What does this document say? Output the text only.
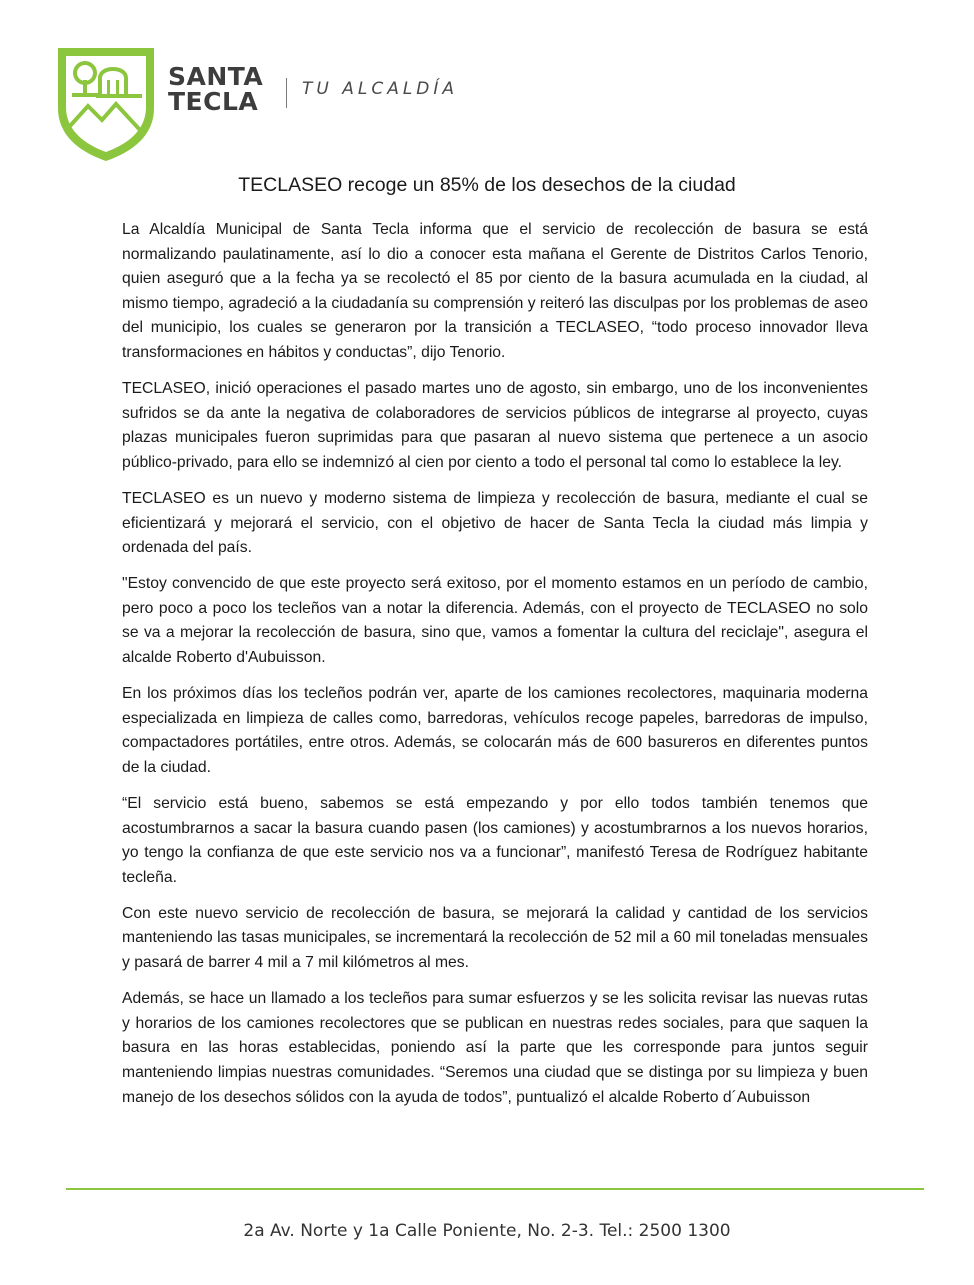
SANTA
TECLA	TU ALCALDÍA
TECLASEO recoge un 85% de los desechos de la ciudad

La Alcaldía Municipal de Santa Tecla informa que el servicio de recolección de basura se está normalizando paulatinamente, así lo dio a conocer esta mañana el Gerente de Distritos Carlos Tenorio, quien aseguró que a la fecha ya se recolectó el 85 por ciento de la basura acumulada en la ciudad, al mismo tiempo, agradeció a la ciudadanía su comprensión y reiteró las disculpas por los problemas de aseo del municipio, los cuales se generaron por la transición a TECLASEO, “todo proceso innovador lleva transformaciones en hábitos y conductas”, dijo Tenorio.

TECLASEO, inició operaciones el pasado martes uno de agosto, sin embargo, uno de los inconvenientes sufridos se da ante la negativa de colaboradores de servicios públicos de integrarse al proyecto, cuyas plazas municipales fueron suprimidas para que pasaran al nuevo sistema que pertenece a un asocio público-privado, para ello se indemnizó al cien por ciento a todo el personal tal como lo establece la ley.

TECLASEO es un nuevo y moderno sistema de limpieza y recolección de basura, mediante el cual se eficientizará y mejorará el servicio, con el objetivo de hacer de Santa Tecla la ciudad más limpia y ordenada del país.

"Estoy convencido de que este proyecto será exitoso, por el momento estamos en un período de cambio, pero poco a poco los tecleños van a notar la diferencia. Además, con el proyecto de TECLASEO no solo se va a mejorar la recolección de basura, sino que, vamos a fomentar la cultura del reciclaje", asegura el alcalde Roberto d'Aubuisson.

En los próximos días los tecleños podrán ver, aparte de los camiones recolectores, maquinaria moderna especializada en limpieza de calles como, barredoras, vehículos recoge papeles, barredoras de impulso, compactadores portátiles, entre otros. Además, se colocarán más de 600 basureros en diferentes puntos de la ciudad.

“El servicio está bueno, sabemos se está empezando y por ello todos también tenemos que acostumbrarnos a sacar la basura cuando pasen (los camiones) y acostumbrarnos a los nuevos horarios, yo tengo la confianza de que este servicio nos va a funcionar”, manifestó Teresa de Rodríguez habitante tecleña.

Con este nuevo servicio de recolección de basura, se mejorará la calidad y cantidad de los servicios manteniendo las tasas municipales, se incrementará la recolección de 52 mil a 60 mil toneladas mensuales y pasará de barrer 4 mil a 7 mil kilómetros al mes.

Además, se hace un llamado a los tecleños para sumar esfuerzos y se les solicita revisar las nuevas rutas y horarios de los camiones recolectores que se publican en nuestras redes sociales, para que saquen la basura en las horas establecidas, poniendo así la parte que les corresponde para juntos seguir manteniendo limpias nuestras comunidades. “Seremos una ciudad que se distinga por su limpieza y buen manejo de los desechos sólidos con la ayuda de todos”, puntualizó el alcalde Roberto d´Aubuisson

2a Av. Norte y 1a Calle Poniente, No. 2-3. Tel.: 2500 1300
